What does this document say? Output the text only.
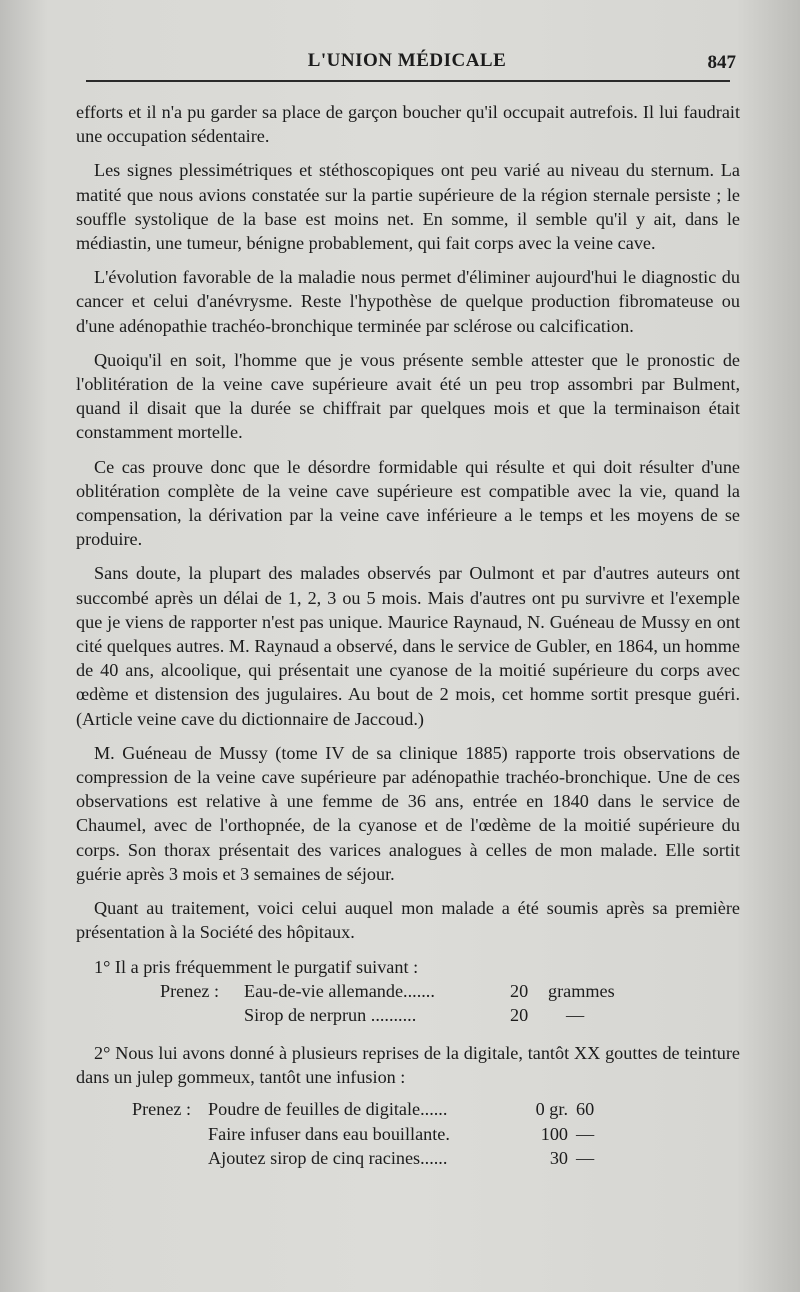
L'UNION MÉDICALE	847

efforts et il n'a pu garder sa place de garçon boucher qu'il occupait autrefois. Il lui faudrait une occupation sédentaire.

Les signes plessimétriques et stéthoscopiques ont peu varié au niveau du sternum. La matité que nous avions constatée sur la partie supérieure de la région sternale persiste ; le souffle systolique de la base est moins net. En somme, il semble qu'il y ait, dans le médiastin, une tumeur, bénigne probablement, qui fait corps avec la veine cave.

L'évolution favorable de la maladie nous permet d'éliminer aujourd'hui le diagnostic du cancer et celui d'anévrysme. Reste l'hypothèse de quelque production fibromateuse ou d'une adénopathie trachéo-bronchique terminée par sclérose ou calcification.

Quoiqu'il en soit, l'homme que je vous présente semble attester que le pronostic de l'oblitération de la veine cave supérieure avait été un peu trop assombri par Bulment, quand il disait que la durée se chiffrait par quelques mois et que la terminaison était constamment mortelle.

Ce cas prouve donc que le désordre formidable qui résulte et qui doit résulter d'une oblitération complète de la veine cave supérieure est compatible avec la vie, quand la compensation, la dérivation par la veine cave inférieure a le temps et les moyens de se produire.

Sans doute, la plupart des malades observés par Oulmont et par d'autres auteurs ont succombé après un délai de 1, 2, 3 ou 5 mois. Mais d'autres ont pu survivre et l'exemple que je viens de rapporter n'est pas unique. Maurice Raynaud, N. Guéneau de Mussy en ont cité quelques autres. M. Raynaud a observé, dans le service de Gubler, en 1864, un homme de 40 ans, alcoolique, qui présentait une cyanose de la moitié supérieure du corps avec œdème et distension des jugulaires. Au bout de 2 mois, cet homme sortit presque guéri. (Article veine cave du dictionnaire de Jaccoud.)

M. Guéneau de Mussy (tome IV de sa clinique 1885) rapporte trois observations de compression de la veine cave supérieure par adénopathie trachéo-bronchique. Une de ces observations est relative à une femme de 36 ans, entrée en 1840 dans le service de Chaumel, avec de l'orthopnée, de la cyanose et de l'œdème de la moitié supérieure du corps. Son thorax présentait des varices analogues à celles de mon malade. Elle sortit guérie après 3 mois et 3 semaines de séjour.

Quant au traitement, voici celui auquel mon malade a été soumis après sa première présentation à la Société des hôpitaux.

1° Il a pris fréquemment le purgatif suivant :

Prenez :	Eau-de-vie allemande.......	20	grammes
Sirop de nerprun ..........	20	—

2° Nous lui avons donné à plusieurs reprises de la digitale, tantôt XX gouttes de teinture dans un julep gommeux, tantôt une infusion :

Prenez : Poudre de feuilles de digitale......	0 gr. 60
Faire infuser dans eau bouillante.	100 —
Ajoutez sirop de cinq racines......	30 —
